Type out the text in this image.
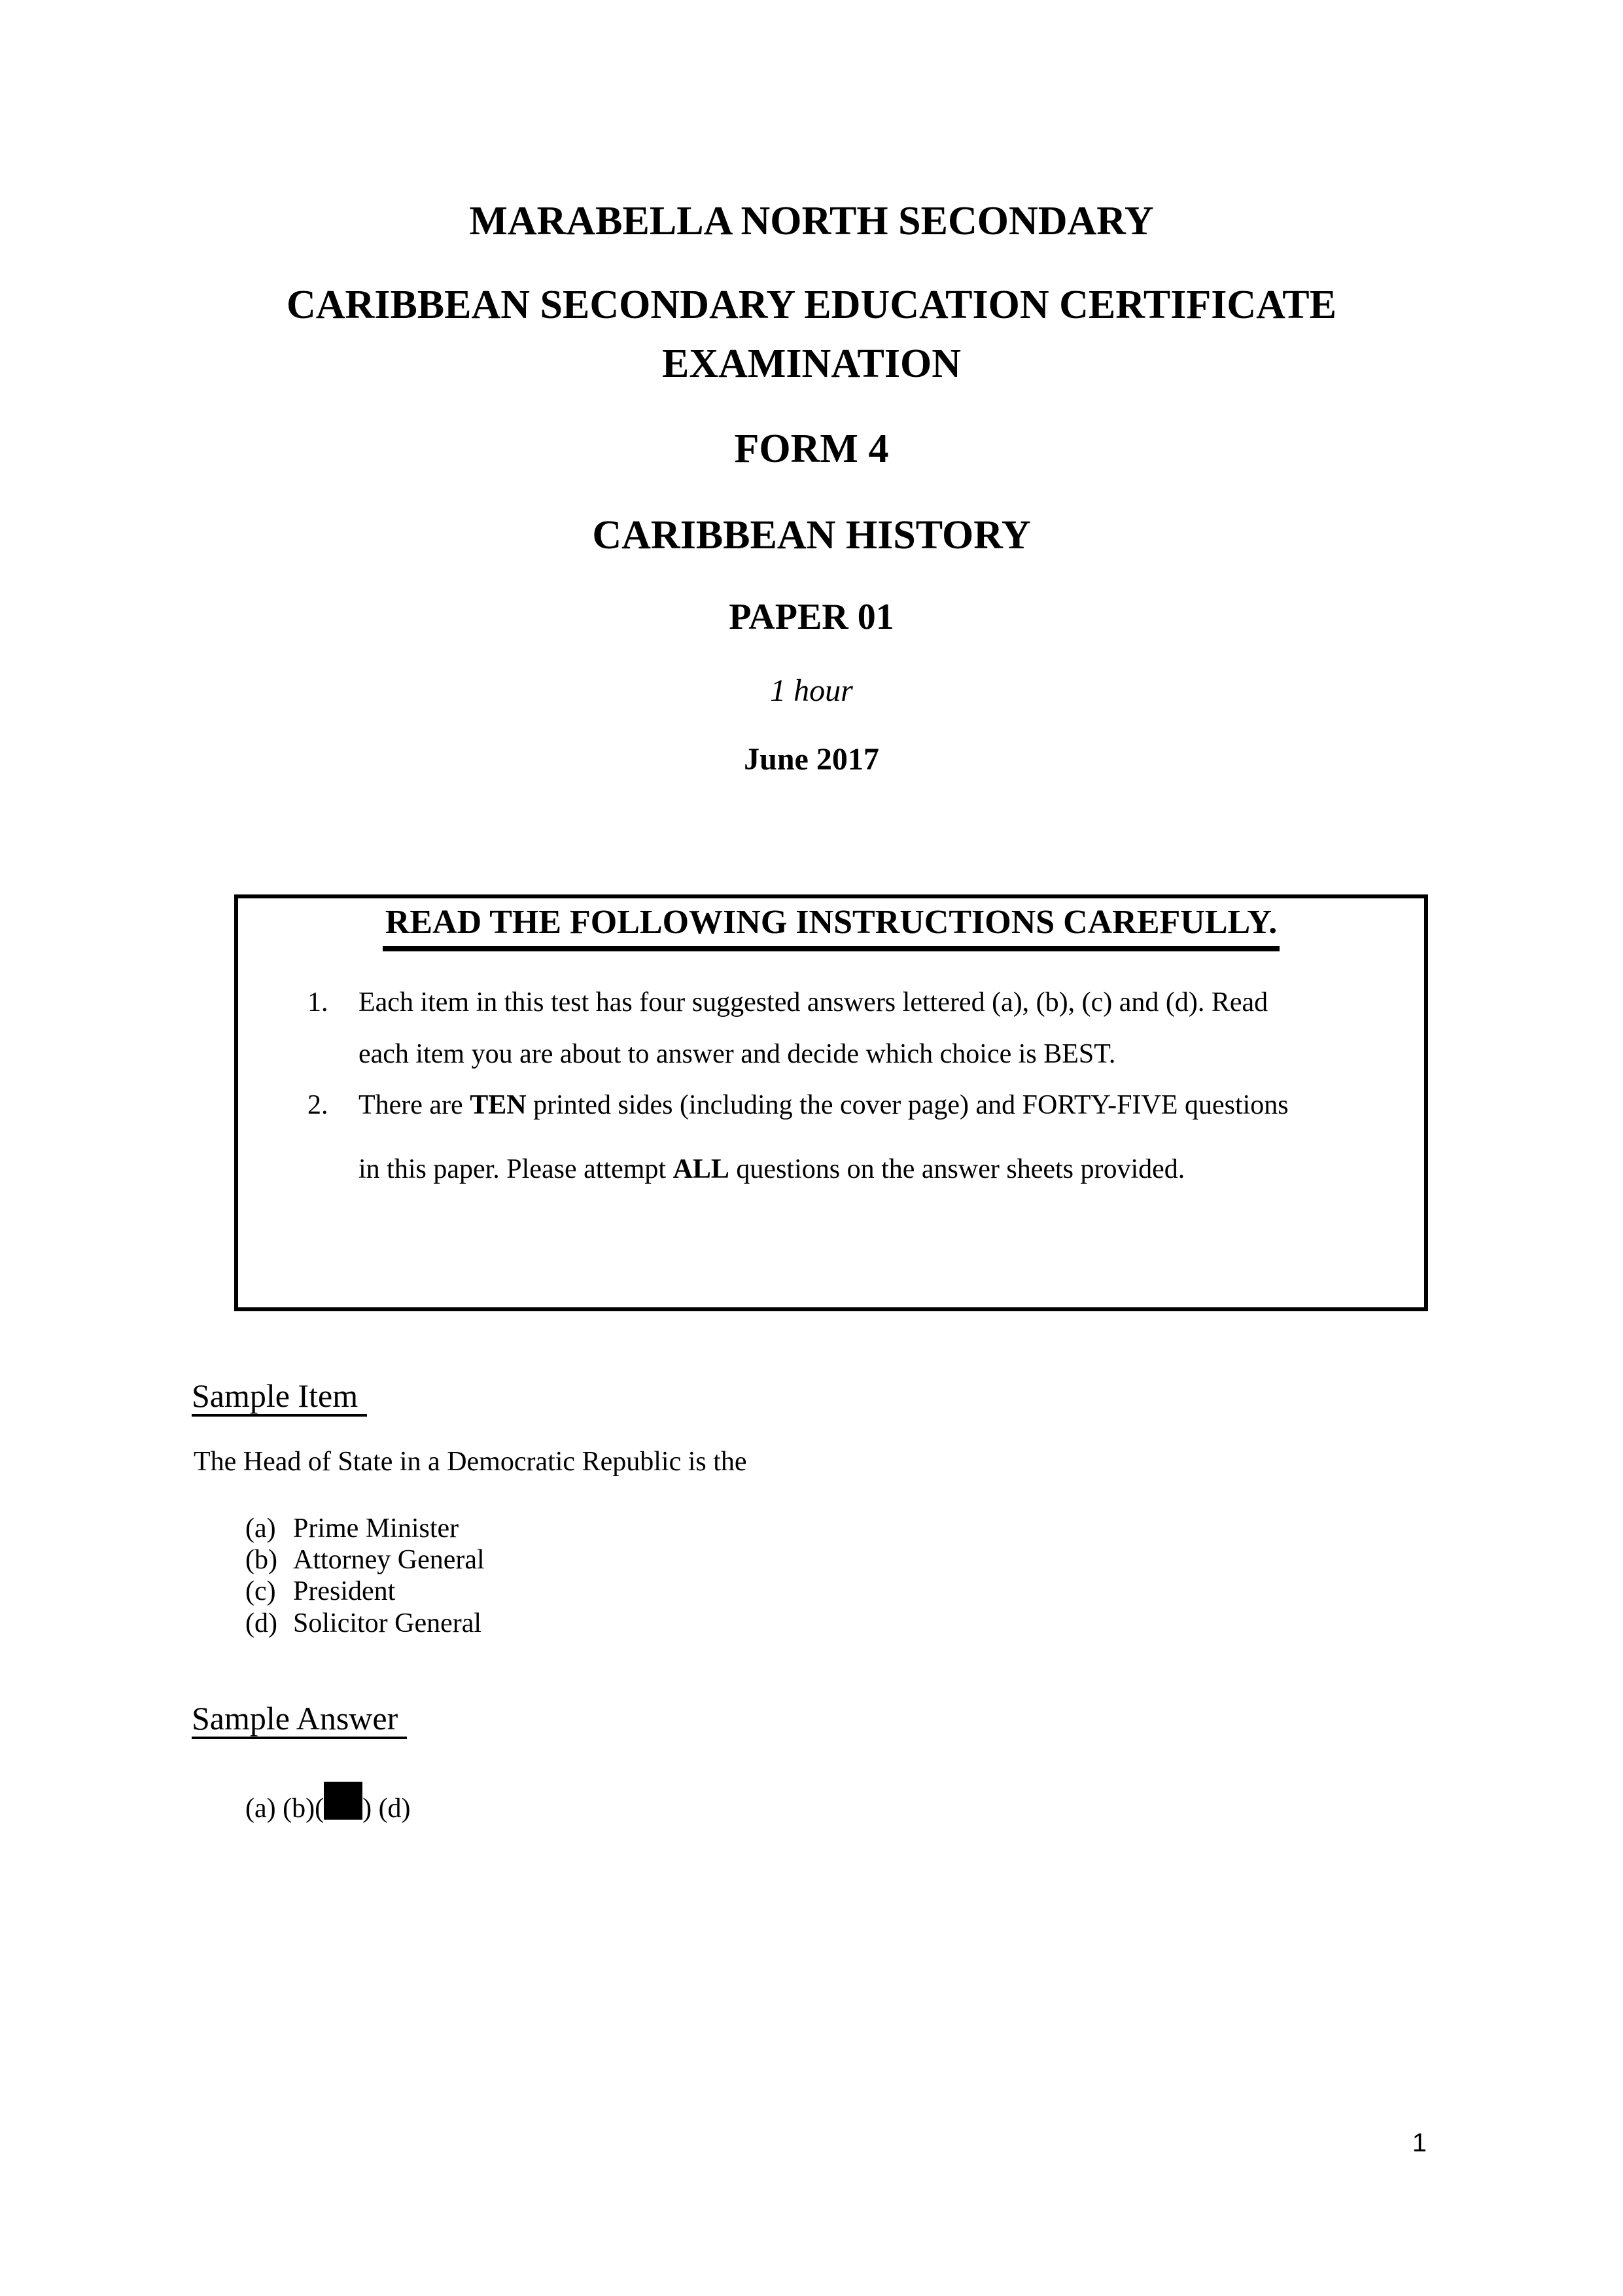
MARABELLA NORTH SECONDARY
CARIBBEAN SECONDARY EDUCATION CERTIFICATE
EXAMINATION
FORM 4
CARIBBEAN HISTORY
PAPER 01
1 hour
June 2017
READ THE FOLLOWING INSTRUCTIONS CAREFULLY.
1. Each item in this test has four suggested answers lettered (a), (b), (c) and (d). Read
each item you are about to answer and decide which choice is BEST.
2. There are TEN printed sides (including the cover page) and FORTY-FIVE questions
in this paper. Please attempt ALL questions on the answer sheets provided.
Sample Item
The Head of State in a Democratic Republic is the
(a) Prime Minister
(b) Attorney General
(c) President
(d) Solicitor General
Sample Answer
(a) (b)( ) (d)
1
